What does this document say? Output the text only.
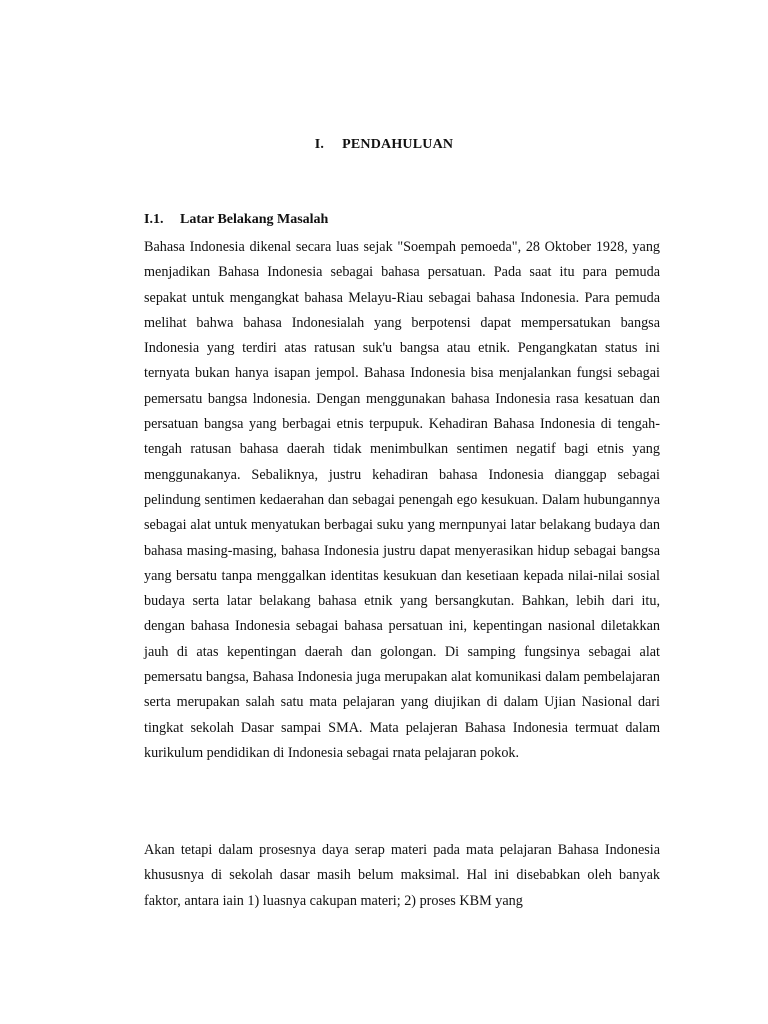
I. PENDAHULUAN
I.1. Latar Belakang Masalah

Bahasa Indonesia dikenal secara luas sejak "Soempah pemoeda", 28 Oktober 1928, yang menjadikan Bahasa Indonesia sebagai bahasa persatuan. Pada saat itu para pemuda sepakat untuk mengangkat bahasa Melayu-Riau sebagai bahasa Indonesia. Para pemuda melihat bahwa bahasa Indonesialah yang berpotensi dapat mempersatukan bangsa Indonesia yang terdiri atas ratusan suk'u bangsa atau etnik. Pengangkatan status ini ternyata bukan hanya isapan jempol. Bahasa Indonesia bisa menjalankan fungsi sebagai pemersatu bangsa lndonesia. Dengan menggunakan bahasa Indonesia rasa kesatuan dan persatuan bangsa yang berbagai etnis terpupuk. Kehadiran Bahasa Indonesia di tengah-tengah ratusan bahasa daerah tidak menimbulkan sentimen negatif bagi etnis yang menggunakanya. Sebaliknya, justru kehadiran bahasa Indonesia dianggap sebagai pelindung sentimen kedaerahan dan sebagai penengah ego kesukuan. Dalam hubungannya sebagai alat untuk menyatukan berbagai suku yang mernpunyai latar belakang budaya dan bahasa masing-masing, bahasa Indonesia justru dapat menyerasikan hidup sebagai bangsa yang bersatu tanpa menggalkan identitas kesukuan dan kesetiaan kepada nilai-nilai sosial budaya serta latar belakang bahasa etnik yang bersangkutan. Bahkan, lebih dari itu, dengan bahasa Indonesia sebagai bahasa persatuan ini, kepentingan nasional diletakkan jauh di atas kepentingan daerah dan golongan. Di samping fungsinya sebagai alat pemersatu bangsa, Bahasa Indonesia juga merupakan alat komunikasi dalam pembelajaran serta merupakan salah satu mata pelajaran yang diujikan di dalam Ujian Nasional dari tingkat sekolah Dasar sampai SMA. Mata pelajeran Bahasa Indonesia termuat dalam kurikulum pendidikan di Indonesia sebagai rnata pelajaran pokok.

Akan tetapi dalam prosesnya daya serap materi pada mata pelajaran Bahasa Indonesia khususnya di sekolah dasar masih belum maksimal. Hal ini disebabkan oleh banyak faktor, antara iain 1) luasnya cakupan materi; 2) proses KBM yang
